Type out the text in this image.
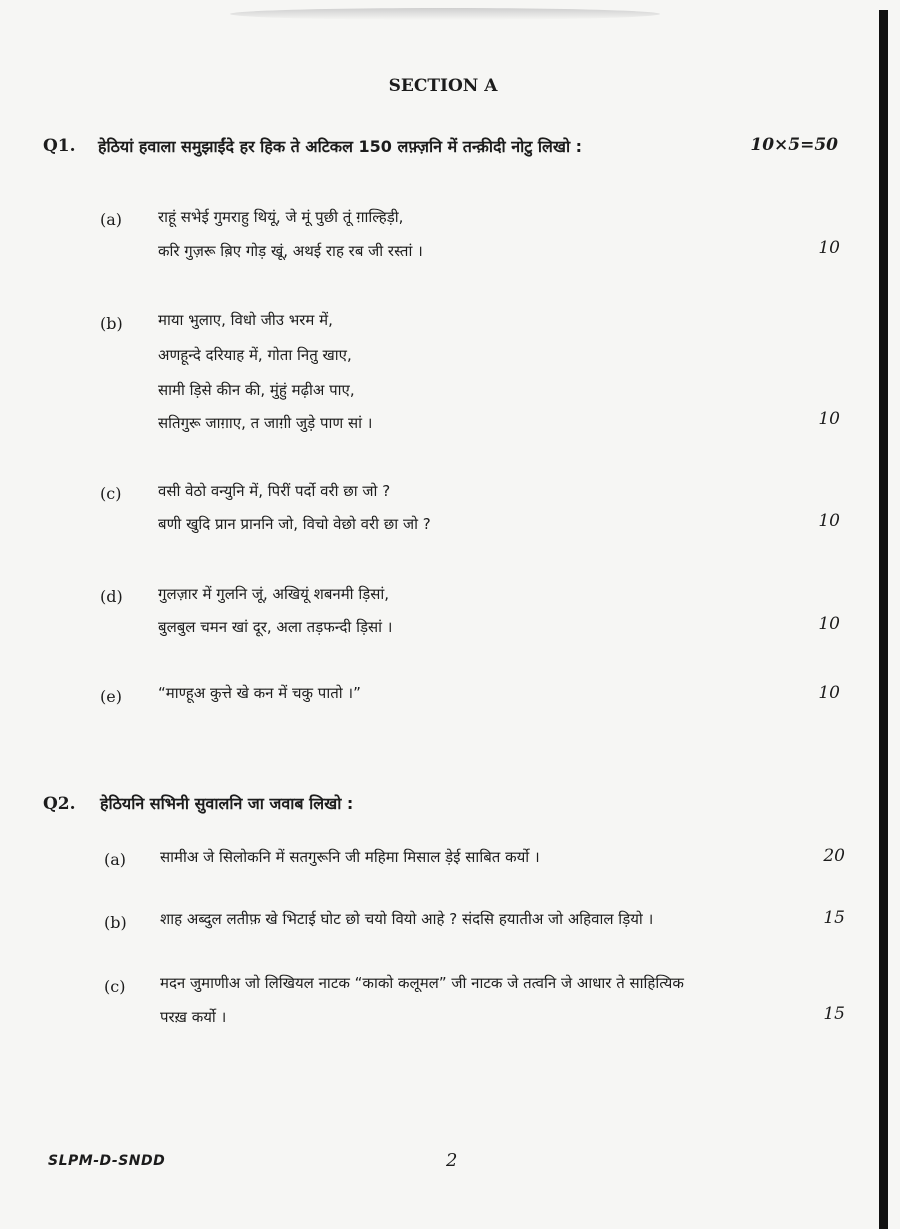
SECTION A
Q1. हेठियां हवाला समुझाईंदे हर हिक ते अटिकल 150 लफ़्ज़नि में तन्क़ीदी नोटु लिखो :	10×5=50
(a) राहूं सभेई गुमराहु थियूं, जे मूं पुछी तूं ग़ाल्हिड़ी,
करि गुज़रू ब़िए गोड़ खूं, अथई राह रब जी रस्तां ।	10
(b) माया भुलाए, विधो जीउ भरम में,
अणहून्दे दरियाह में, गोता नितु खाए,
सामी ड़िसे कीन की, मुंहुं मढ़ीअ पाए,
सतिगुरू जाग़ाए, त जाग़ी जुड़े पाण सां ।	10
(c) वसी वेठो वन्युनि में, पिरीं पर्दो वरी छा जो ?
बणी खुदि प्रान प्राननि जो, विचो वेछो वरी छा जो ?	10
(d) गुलज़ार में गुलनि जूं, अखियूं शबनमी ड़िसां,
बुलबुल चमन खां दूर, अला तड़फन्दी ड़िसां ।	10
(e) “माण्हूअ कुत्ते खे कन में चकु पातो ।”	10
Q2. हेठियनि सभिनी सुवालनि जा जवाब लिखो :
(a) सामीअ जे सिलोकनि में सतगुरूनि जी महिमा मिसाल ड़ेई साबित कर्यो ।	20
(b) शाह अब्दुल लतीफ़ खे भिटाई घोट छो चयो वियो आहे ? संदसि हयातीअ जो अहिवाल ड़ियो ।	15
(c) मदन जुमाणीअ जो लिखियल नाटक “काको कलूमल” जी नाटक जे तत्वनि जे आधार ते साहित्यिक
परख़ कर्यो ।	15
SLPM-D-SNDD	2
